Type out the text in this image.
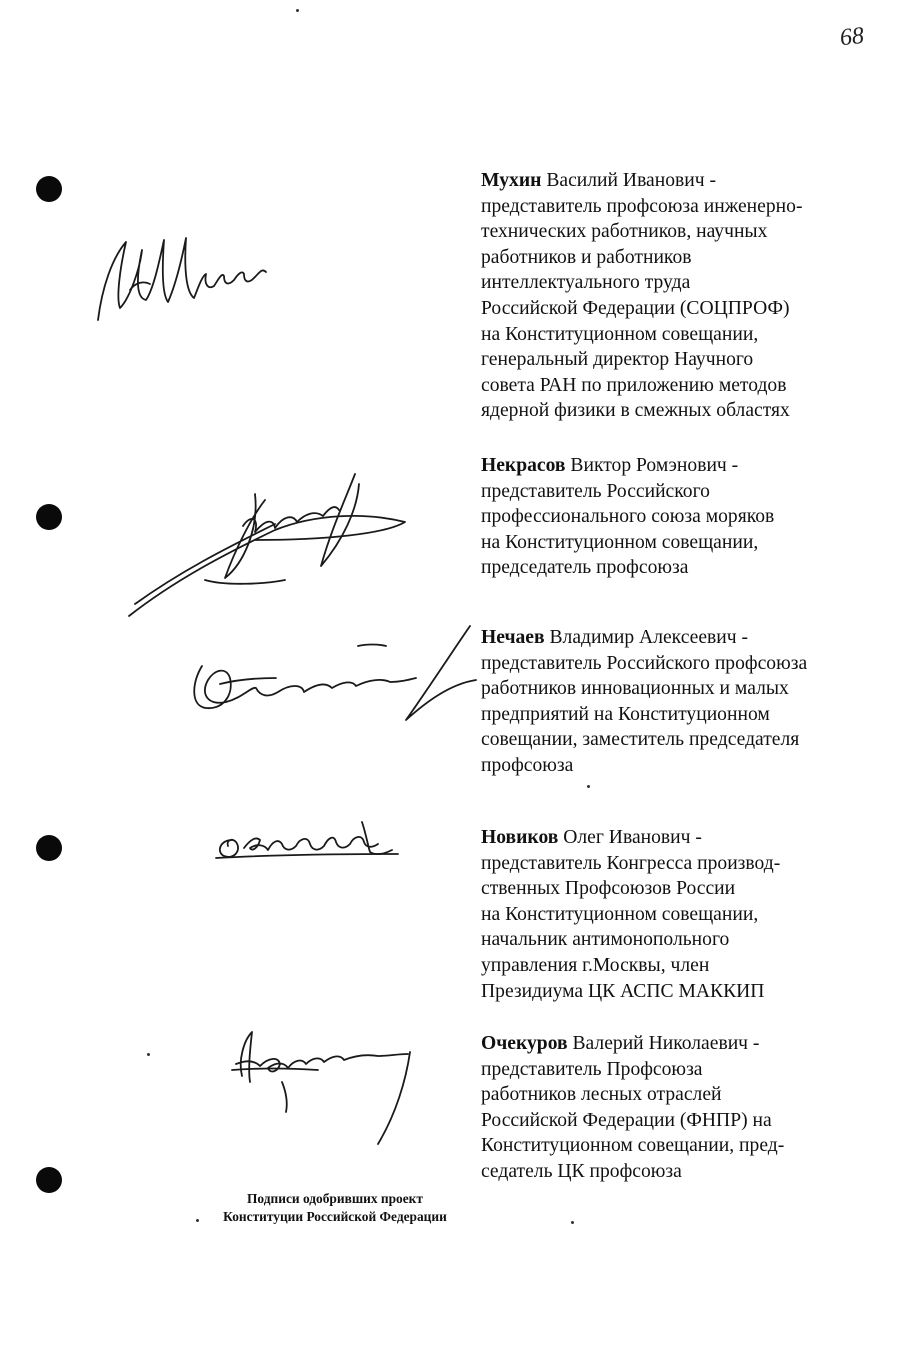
68
Мухин Василий Иванович -
представитель профсоюза инженерно-
технических работников, научных
работников и работников
интеллектуального труда
Российской Федерации (СОЦПРОФ)
на Конституционном совещании,
генеральный директор Научного
совета РАН по приложению методов
ядерной физики в смежных областях
Некрасов Виктор Ромэнович -
представитель Российского
профессионального союза моряков
на Конституционном совещании,
председатель профсоюза
Нечаев Владимир Алексеевич -
представитель Российского профсоюза
работников инновационных и малых
предприятий на Конституционном
совещании, заместитель председателя
профсоюза
Новиков Олег Иванович -
представитель Конгресса производ-
ственных Профсоюзов России
на Конституционном совещании,
начальник антимонопольного
управления г.Москвы, член
Президиума ЦК АСПС МАККИП
Очекуров Валерий Николаевич -
представитель Профсоюза
работников лесных отраслей
Российской Федерации (ФНПР) на
Конституционном совещании, пред-
седатель ЦК профсоюза
Подписи одобривших проект
Конституции Российской Федерации
